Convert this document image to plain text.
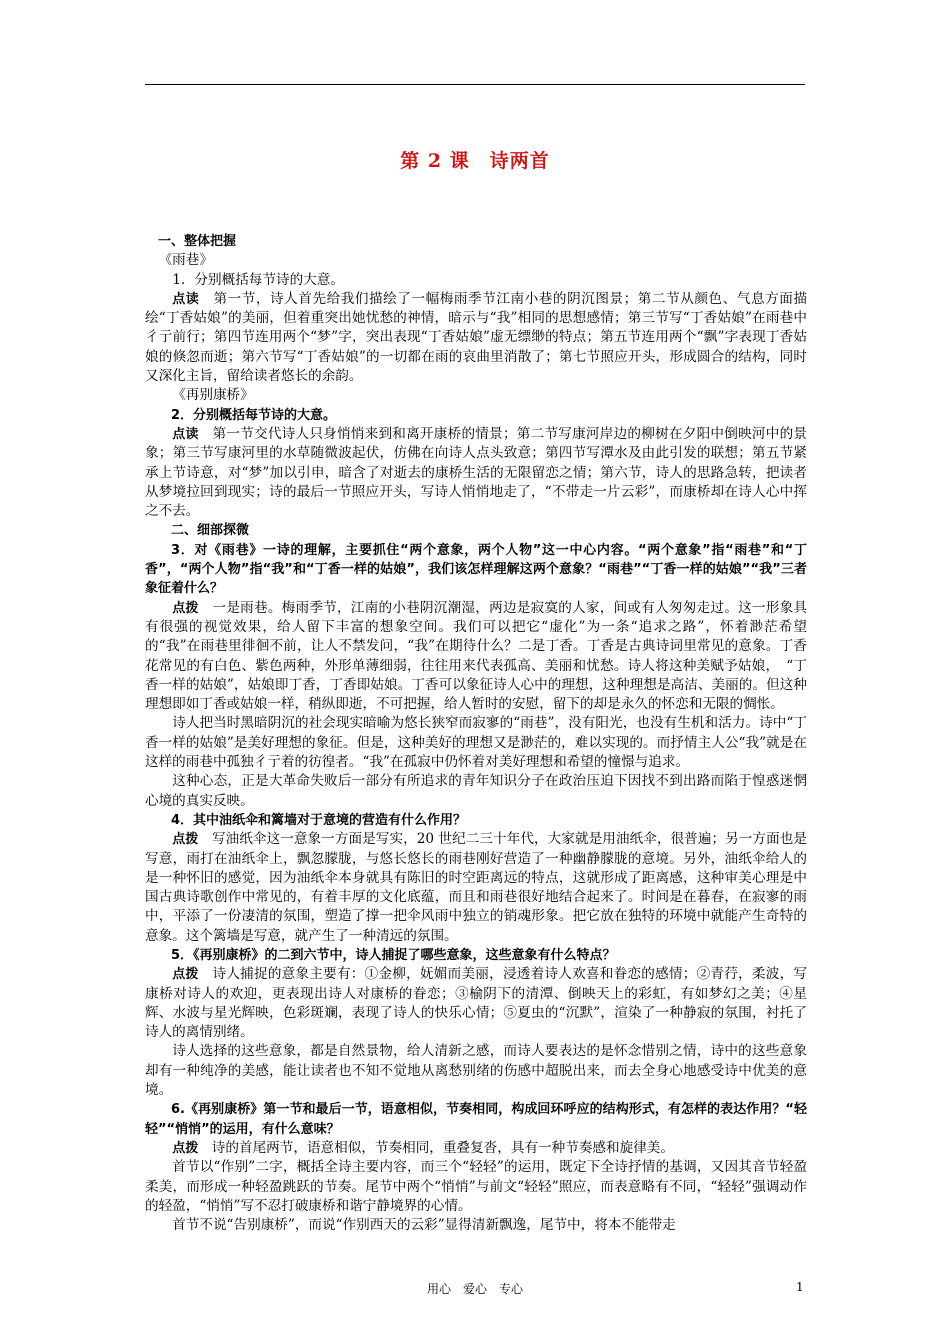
第 2 课　诗两首

一、整体把握

《雨巷》

1．分别概括每节诗的大意。

点读　第一节，诗人首先给我们描绘了一幅梅雨季节江南小巷的阴沉图景；第二节从颜色、气息方面描绘“丁香姑娘”的美丽，但着重突出她忧愁的神情，暗示与“我”相同的思想感情；第三节写“丁香姑娘”在雨巷中彳亍前行；第四节连用两个“梦”字，突出表现“丁香姑娘”虚无缥缈的特点；第五节连用两个“飘”字表现丁香姑娘的倏忽而逝；第六节写“丁香姑娘”的一切都在雨的哀曲里消散了；第七节照应开头，形成圆合的结构，同时又深化主旨，留给读者悠长的余韵。

《再别康桥》

2．分别概括每节诗的大意。

点读　第一节交代诗人只身悄悄来到和离开康桥的情景；第二节写康河岸边的柳树在夕阳中倒映河中的景象；第三节写康河里的水草随微波起伏，仿佛在向诗人点头致意；第四节写潭水及由此引发的联想；第五节紧承上节诗意，对“梦”加以引申，暗含了对逝去的康桥生活的无限留恋之情；第六节，诗人的思路急转，把读者从梦境拉回到现实；诗的最后一节照应开头，写诗人悄悄地走了，“不带走一片云彩”，而康桥却在诗人心中挥之不去。

二、细部探微

3．对《雨巷》一诗的理解，主要抓住“两个意象，两个人物”这一中心内容。“两个意象”指“雨巷”和“丁香”，“两个人物”指“我”和“丁香一样的姑娘”，我们该怎样理解这两个意象？“雨巷”“丁香一样的姑娘”“我”三者象征着什么？

点拨　一是雨巷。梅雨季节，江南的小巷阴沉潮湿，两边是寂寞的人家，间或有人匆匆走过。这一形象具有很强的视觉效果，给人留下丰富的想象空间。我们可以把它“虚化”为一条“追求之路”，怀着渺茫希望的“我”在雨巷里徘徊不前，让人不禁发问，“我”在期待什么？二是丁香。丁香是古典诗词里常见的意象。丁香花常见的有白色、紫色两种，外形单薄细弱，往往用来代表孤高、美丽和忧愁。诗人将这种美赋予姑娘，　“丁香一样的姑娘”，姑娘即丁香，丁香即姑娘。丁香可以象征诗人心中的理想，这种理想是高洁、美丽的。但这种理想即如丁香或姑娘一样，稍纵即逝，不可把握，给人暂时的安慰，留下的却是永久的怀恋和无限的惆怅。

诗人把当时黑暗阴沉的社会现实暗喻为悠长狭窄而寂寥的“雨巷”，没有阳光，也没有生机和活力。诗中“丁香一样的姑娘”是美好理想的象征。但是，这种美好的理想又是渺茫的，难以实现的。而抒情主人公“我”就是在这样的雨巷中孤独彳亍着的彷徨者。“我”在孤寂中仍怀着对美好理想和希望的憧憬与追求。

这种心态，正是大革命失败后一部分有所追求的青年知识分子在政治压迫下因找不到出路而陷于惶惑迷惘心境的真实反映。

4．其中油纸伞和篱墙对于意境的营造有什么作用？

点拨　写油纸伞这一意象一方面是写实，20 世纪二三十年代，大家就是用油纸伞，很普遍；另一方面也是写意，雨打在油纸伞上，飘忽朦胧，与悠长悠长的雨巷刚好营造了一种幽静朦胧的意境。另外，油纸伞给人的是一种怀旧的感觉，因为油纸伞本身就具有陈旧的时空距离远的特点，这就形成了距离感，这种审美心理是中国古典诗歌创作中常见的，有着丰厚的文化底蕴，而且和雨巷很好地结合起来了。时间是在暮春，在寂寥的雨中，平添了一份凄清的氛围，塑造了撑一把伞风雨中独立的销魂形象。把它放在独特的环境中就能产生奇特的意象。这个篱墙是写意，就产生了一种清远的氛围。

5．《再别康桥》的二到六节中，诗人捕捉了哪些意象，这些意象有什么特点？

点拨　诗人捕捉的意象主要有：①金柳，妩媚而美丽，浸透着诗人欢喜和眷恋的感情；②青荇，柔波，写康桥对诗人的欢迎，更表现出诗人对康桥的眷恋；③榆阴下的清潭、倒映天上的彩虹，有如梦幻之美；④星辉、水波与星光辉映，色彩斑斓，表现了诗人的快乐心情；⑤夏虫的“沉默”，渲染了一种静寂的氛围，衬托了诗人的离情别绪。

诗人选择的这些意象，都是自然景物，给人清新之感，而诗人要表达的是怀念惜别之情，诗中的这些意象却有一种纯净的美感，能让读者也不知不觉地从离愁别绪的伤感中超脱出来，而去全身心地感受诗中优美的意境。

6.《再别康桥》第一节和最后一节，语意相似，节奏相同，构成回环呼应的结构形式，有怎样的表达作用？“轻轻”“悄悄”的运用，有什么意味？

点拨　诗的首尾两节，语意相似，节奏相同，重叠复沓，具有一种节奏感和旋律美。

首节以“作别”二字，概括全诗主要内容，而三个“轻轻”的运用，既定下全诗抒情的基调，又因其音节轻盈柔美，而形成一种轻盈跳跃的节奏。尾节中两个“悄悄”与前文“轻轻”照应，而表意略有不同，“轻轻”强调动作的轻盈，“悄悄”写不忍打破康桥和谐宁静境界的心情。

首节不说“告别康桥”，而说“作别西天的云彩”显得清新飘逸，尾节中，将本不能带走

用心　爱心　专心	1
